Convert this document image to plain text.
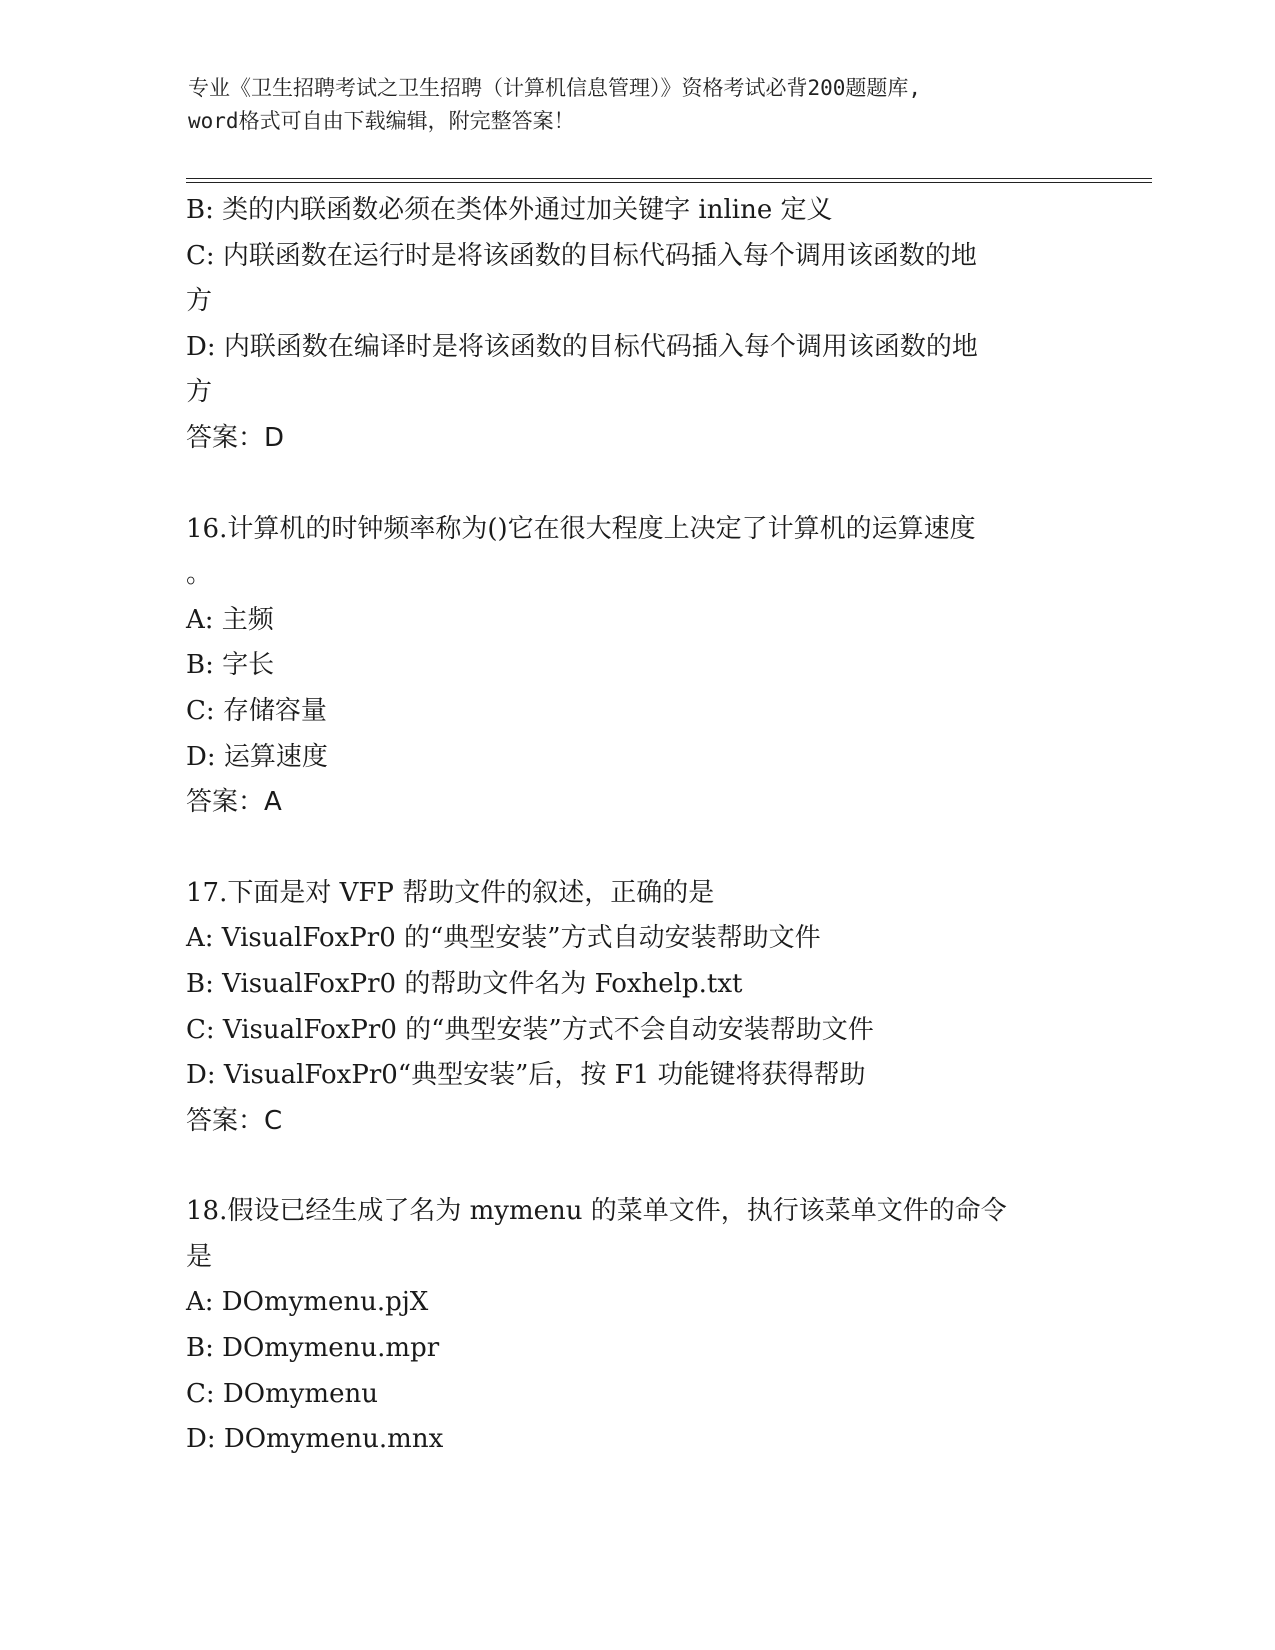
专业《卫生招聘考试之卫生招聘（计算机信息管理）》资格考试必背200题题库,
word格式可自由下载编辑，附完整答案！
B: 类的内联函数必须在类体外通过加关键字 inline 定义
C: 内联函数在运行时是将该函数的目标代码插入每个调用该函数的地
方
D: 内联函数在编译时是将该函数的目标代码插入每个调用该函数的地
方
答案：D
16.计算机的时钟频率称为()它在很大程度上决定了计算机的运算速度
。
A: 主频
B: 字长
C: 存储容量
D: 运算速度
答案：A
17.下面是对 VFP 帮助文件的叙述，正确的是
A: VisualFoxPr0 的“典型安装”方式自动安装帮助文件
B: VisualFoxPr0 的帮助文件名为 Foxhelp.txt
C: VisualFoxPr0 的“典型安装”方式不会自动安装帮助文件
D: VisualFoxPr0“典型安装”后，按 F1 功能键将获得帮助
答案：C
18.假设已经生成了名为 mymenu 的菜单文件，执行该菜单文件的命令
是
A: DOmymenu.pjX
B: DOmymenu.mpr
C: DOmymenu
D: DOmymenu.mnx
